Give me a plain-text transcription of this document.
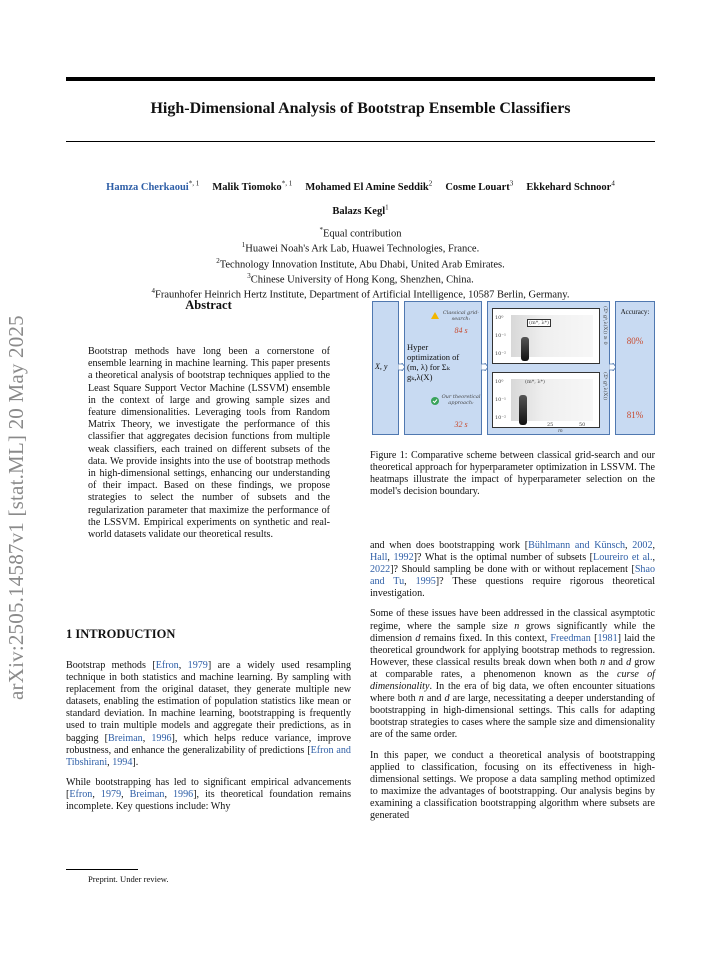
arXiv:2505.14587v1 [stat.ML] 20 May 2025
High-Dimensional Analysis of Bootstrap Ensemble Classifiers
Hamza Cherkaoui$^{*, 1}$ Malik Tiomoko$^{*, 1}$ Mohamed El Amine Seddik$^2$ Cosme Louart$^3$ Ekkehard Schnoor$^4$
Balazs Kegl$^1$
*Equal contribution
$^1$Huawei Noah's Ark Lab, Huawei Technologies, France.
$^2$Technology Innovation Institute, Abu Dhabi, United Arab Emirates.
$^3$Chinese University of Hong Kong, Shenzhen, China.
$^4$Fraunhofer Heinrich Hertz Institute, Department of Artificial Intelligence, 10587 Berlin, Germany.
Abstract
Bootstrap methods have long been a cornerstone of ensemble learning in machine learning. This paper presents a theoretical analysis of bootstrap techniques applied to the Least Square Support Vector Machine (LSSVM) ensemble in the context of large and growing sample sizes and feature dimensionalities. Leveraging tools from Random Matrix Theory, we investigate the performance of this classifier that aggregates decision functions from multiple weak classifiers, each trained on different subsets of the data. We provide insights into the use of bootstrap methods in high-dimensional settings, enhancing our understanding of their impact. Based on these findings, we propose strategies to select the number of subsets and the regularization parameter that maximize the performance of the LSSVM. Empirical experiments on synthetic and real-world datasets validate our theoretical results.
1 INTRODUCTION

Bootstrap methods [Efron, 1979] are a widely used resampling technique in both statistics and machine learning. By sampling with replacement from the original dataset, they generate multiple new datasets, enabling the estimation of population statistics like mean or standard deviation. In machine learning, bootstrapping is frequently used to train multiple models and aggregate their predictions, as in bagging [Breiman, 1996], which helps reduce variance, improve robustness, and enhance the generalizability of predictions [Efron and Tibshirani, 1994].

While bootstrapping has led to significant empirical advancements [Efron, 1979, Breiman, 1996], its theoretical foundation remains incomplete. Key questions include: Why

Preprint. Under review.
X, y
Classical grid-search:
84 s
Hyper optimization of (m, λ) for Σₖ gₖ,λ(X)
Our theoretical approach:
32 s
(m*, λ*)
10⁰
10⁻¹
10⁻²
(m*, λ*)
10⁰
10⁻¹
10⁻²
25	50
m
(Σᵏ gᵏ,λ(X)) ≥ 0
(Σᵏ gᵏ,λ(X))
Accuracy:
80%
81%
Figure 1: Comparative scheme between classical grid-search and our theoretical approach for hyperparameter optimization in LSSVM. The heatmaps illustrate the impact of hyperparameter selection on the model's decision boundary.

and when does bootstrapping work [Bühlmann and Künsch, 2002, Hall, 1992]? What is the optimal number of subsets [Loureiro et al., 2022]? Should sampling be done with or without replacement [Shao and Tu, 1995]? These questions require rigorous theoretical investigation.

Some of these issues have been addressed in the classical asymptotic regime, where the sample size n grows significantly while the dimension d remains fixed. In this context, Freedman [1981] laid the theoretical groundwork for applying bootstrap methods to regression. However, these classical results break down when both n and d grow at comparable rates, a phenomenon known as the curse of dimensionality. In the era of big data, we often encounter situations where both n and d are large, necessitating a deeper understanding of bootstrapping in high-dimensional settings. This calls for adapting bootstrap strategies to cases where the sample size and dimensionality are of the same order.

In this paper, we conduct a theoretical analysis of bootstrapping applied to classification, focusing on its effectiveness in high-dimensional settings. We propose a data sampling method optimized to maximize the advantages of bootstrapping. Our analysis begins by examining a classification bootstrapping algorithm where subsets are generated
